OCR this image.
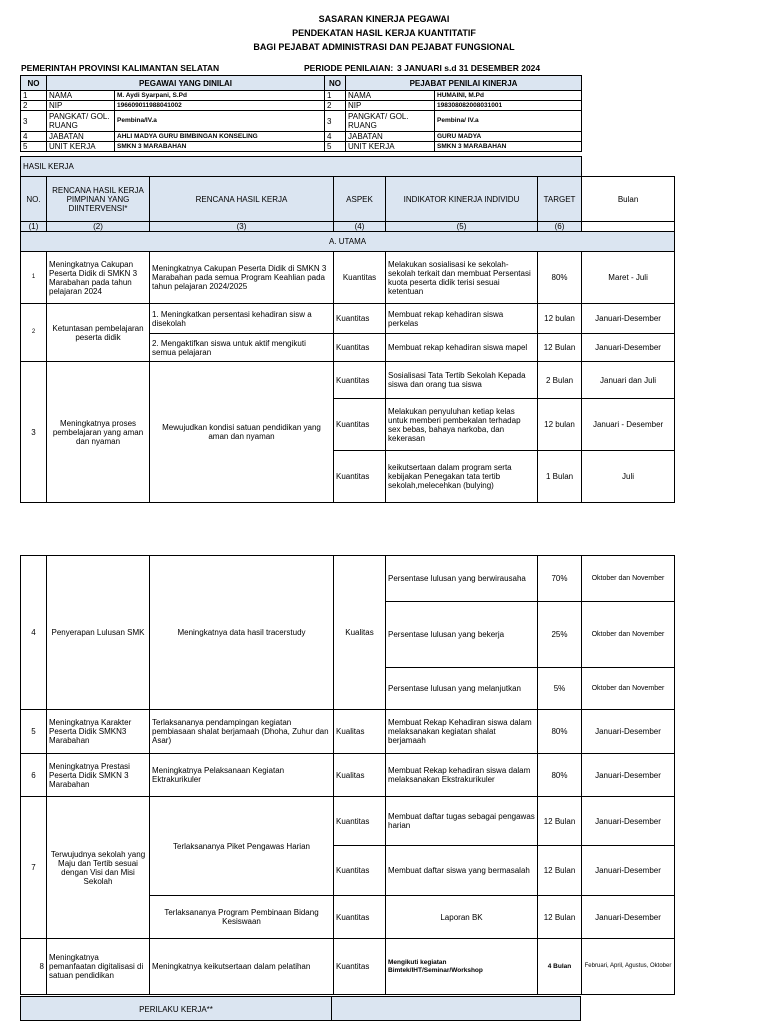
SASARAN KINERJA PEGAWAI
PENDEKATAN HASIL KERJA KUANTITATIF
BAGI PEJABAT ADMINISTRASI DAN PEJABAT FUNGSIONAL
PEMERINTAH PROVINSI KALIMANTAN SELATAN	PERIODE PENILAIAN: 3 JANUARI s.d 31 DESEMBER 2024
NO	PEGAWAI YANG DINILAI		NO	PEJABAT PENILAI KINERJA	
1	NAMA	M. Aydi Syarpani, S.Pd	1	NAMA	HUMAINI, M.Pd
2	NIP	196609011988041002	2	NIP	198308082008031001
3	PANGKAT/ GOL. RUANG	Pembina/IV.a	3	PANGKAT/ GOL. RUANG	Pembina/ IV.a
4	JABATAN	AHLI MADYA GURU BIMBINGAN KONSELING	4	JABATAN	GURU MADYA
5	UNIT KERJA	SMKN 3 MARABAHAN	5	UNIT KERJA	SMKN 3 MARABAHAN
HASIL KERJA						
NO.	RENCANA HASIL KERJA PIMPINAN YANG DIINTERVENSI*	RENCANA HASIL KERJA	ASPEK	INDIKATOR KINERJA INDIVIDU	TARGET	Bulan
(1)	(2)	(3)	(4)	(5)	(6)	
A. UTAMA						
1	Meningkatnya Cakupan Peserta Didik di SMKN 3 Marabahan pada tahun pelajaran 2024	Meningkatnya Cakupan Peserta Didik di SMKN 3 Marabahan pada semua Program Keahlian pada tahun pelajaran 2024/2025	Kuantitas	Melakukan sosialisasi ke sekolah-sekolah terkait dan membuat Persentasi kuota peserta didik terisi sesuai ketentuan	80%	Maret - Juli
2	Ketuntasan pembelajaran peserta didik	1. Meningkatkan persentasi kehadiran sisw a disekolah	Kuantitas	Membuat rekap kehadiran siswa perkelas	12 bulan	Januari-Desember
		2. Mengaktifkan siswa untuk aktif mengikuti semua pelajaran	Kuantitas	Membuat rekap kehadiran siswa mapel	12 Bulan	Januari-Desember
3	Meningkatnya proses pembelajaran yang aman dan nyaman	Mewujudkan kondisi satuan pendidikan yang aman dan nyaman	Kuantitas	Sosialisasi Tata Tertib Sekolah Kepada siswa dan orang tua siswa	2 Bulan	Januari dan Juli
			Kuantitas	Melakukan penyuluhan ketiap kelas untuk memberi pembekalan terhadap sex bebas, bahaya narkoba, dan kekerasan	12 bulan	Januari - Desember
			Kuantitas	keikutsertaan dalam program serta kebijakan Penegakan tata tertib sekolah,melecehkan (bulying)	1 Bulan	Juli
4	Penyerapan Lulusan SMK	Meningkatnya data hasil tracerstudy	Kualitas	Persentase lulusan yang berwirausaha	70%	Oktober dan November
				Persentase lulusan yang bekerja	25%	Oktober dan November
				Persentase lulusan yang melanjutkan	5%	Oktober dan November
5	Meningkatnya Karakter Peserta Didik SMKN3 Marabahan	Terlaksananya pendampingan kegiatan pembiasaan shalat berjamaah (Dhoha, Zuhur dan Asar)	Kualitas	Membuat Rekap Kehadiran siswa dalam melaksanakan kegiatan shalat berjamaah	80%	Januari-Desember
6	Meningkatnya Prestasi Peserta Didik SMKN 3 Marabahan	Meningkatnya Pelaksanaan Kegiatan Ektrakurikuler	Kualitas	Membuat Rekap kehadiran siswa dalam melaksanakan Ekstrakurikuler	80%	Januari-Desember
7	Terwujudnya sekolah yang Maju dan Tertib sesuai dengan Visi dan Misi Sekolah	Terlaksananya Piket Pengawas Harian	Kuantitas	Membuat daftar tugas sebagai pengawas harian	12 Bulan	Januari-Desember
			Kuantitas	Membuat daftar siswa yang bermasalah	12 Bulan	Januari-Desember
		Terlaksananya Program Pembinaan Bidang Kesiswaan	Kuantitas	Laporan BK	12 Bulan	Januari-Desember
8	Meningkatnya pemanfaatan digitalisasi di satuan pendidikan	Meningkatnya keikutsertaan dalam pelatihan	Kuantitas	Mengikuti kegiatan Bimtek/IHT/Seminar/Workshop	4 Bulan	Februari, April, Agustus, Oktober
PERILAKU KERJA**
